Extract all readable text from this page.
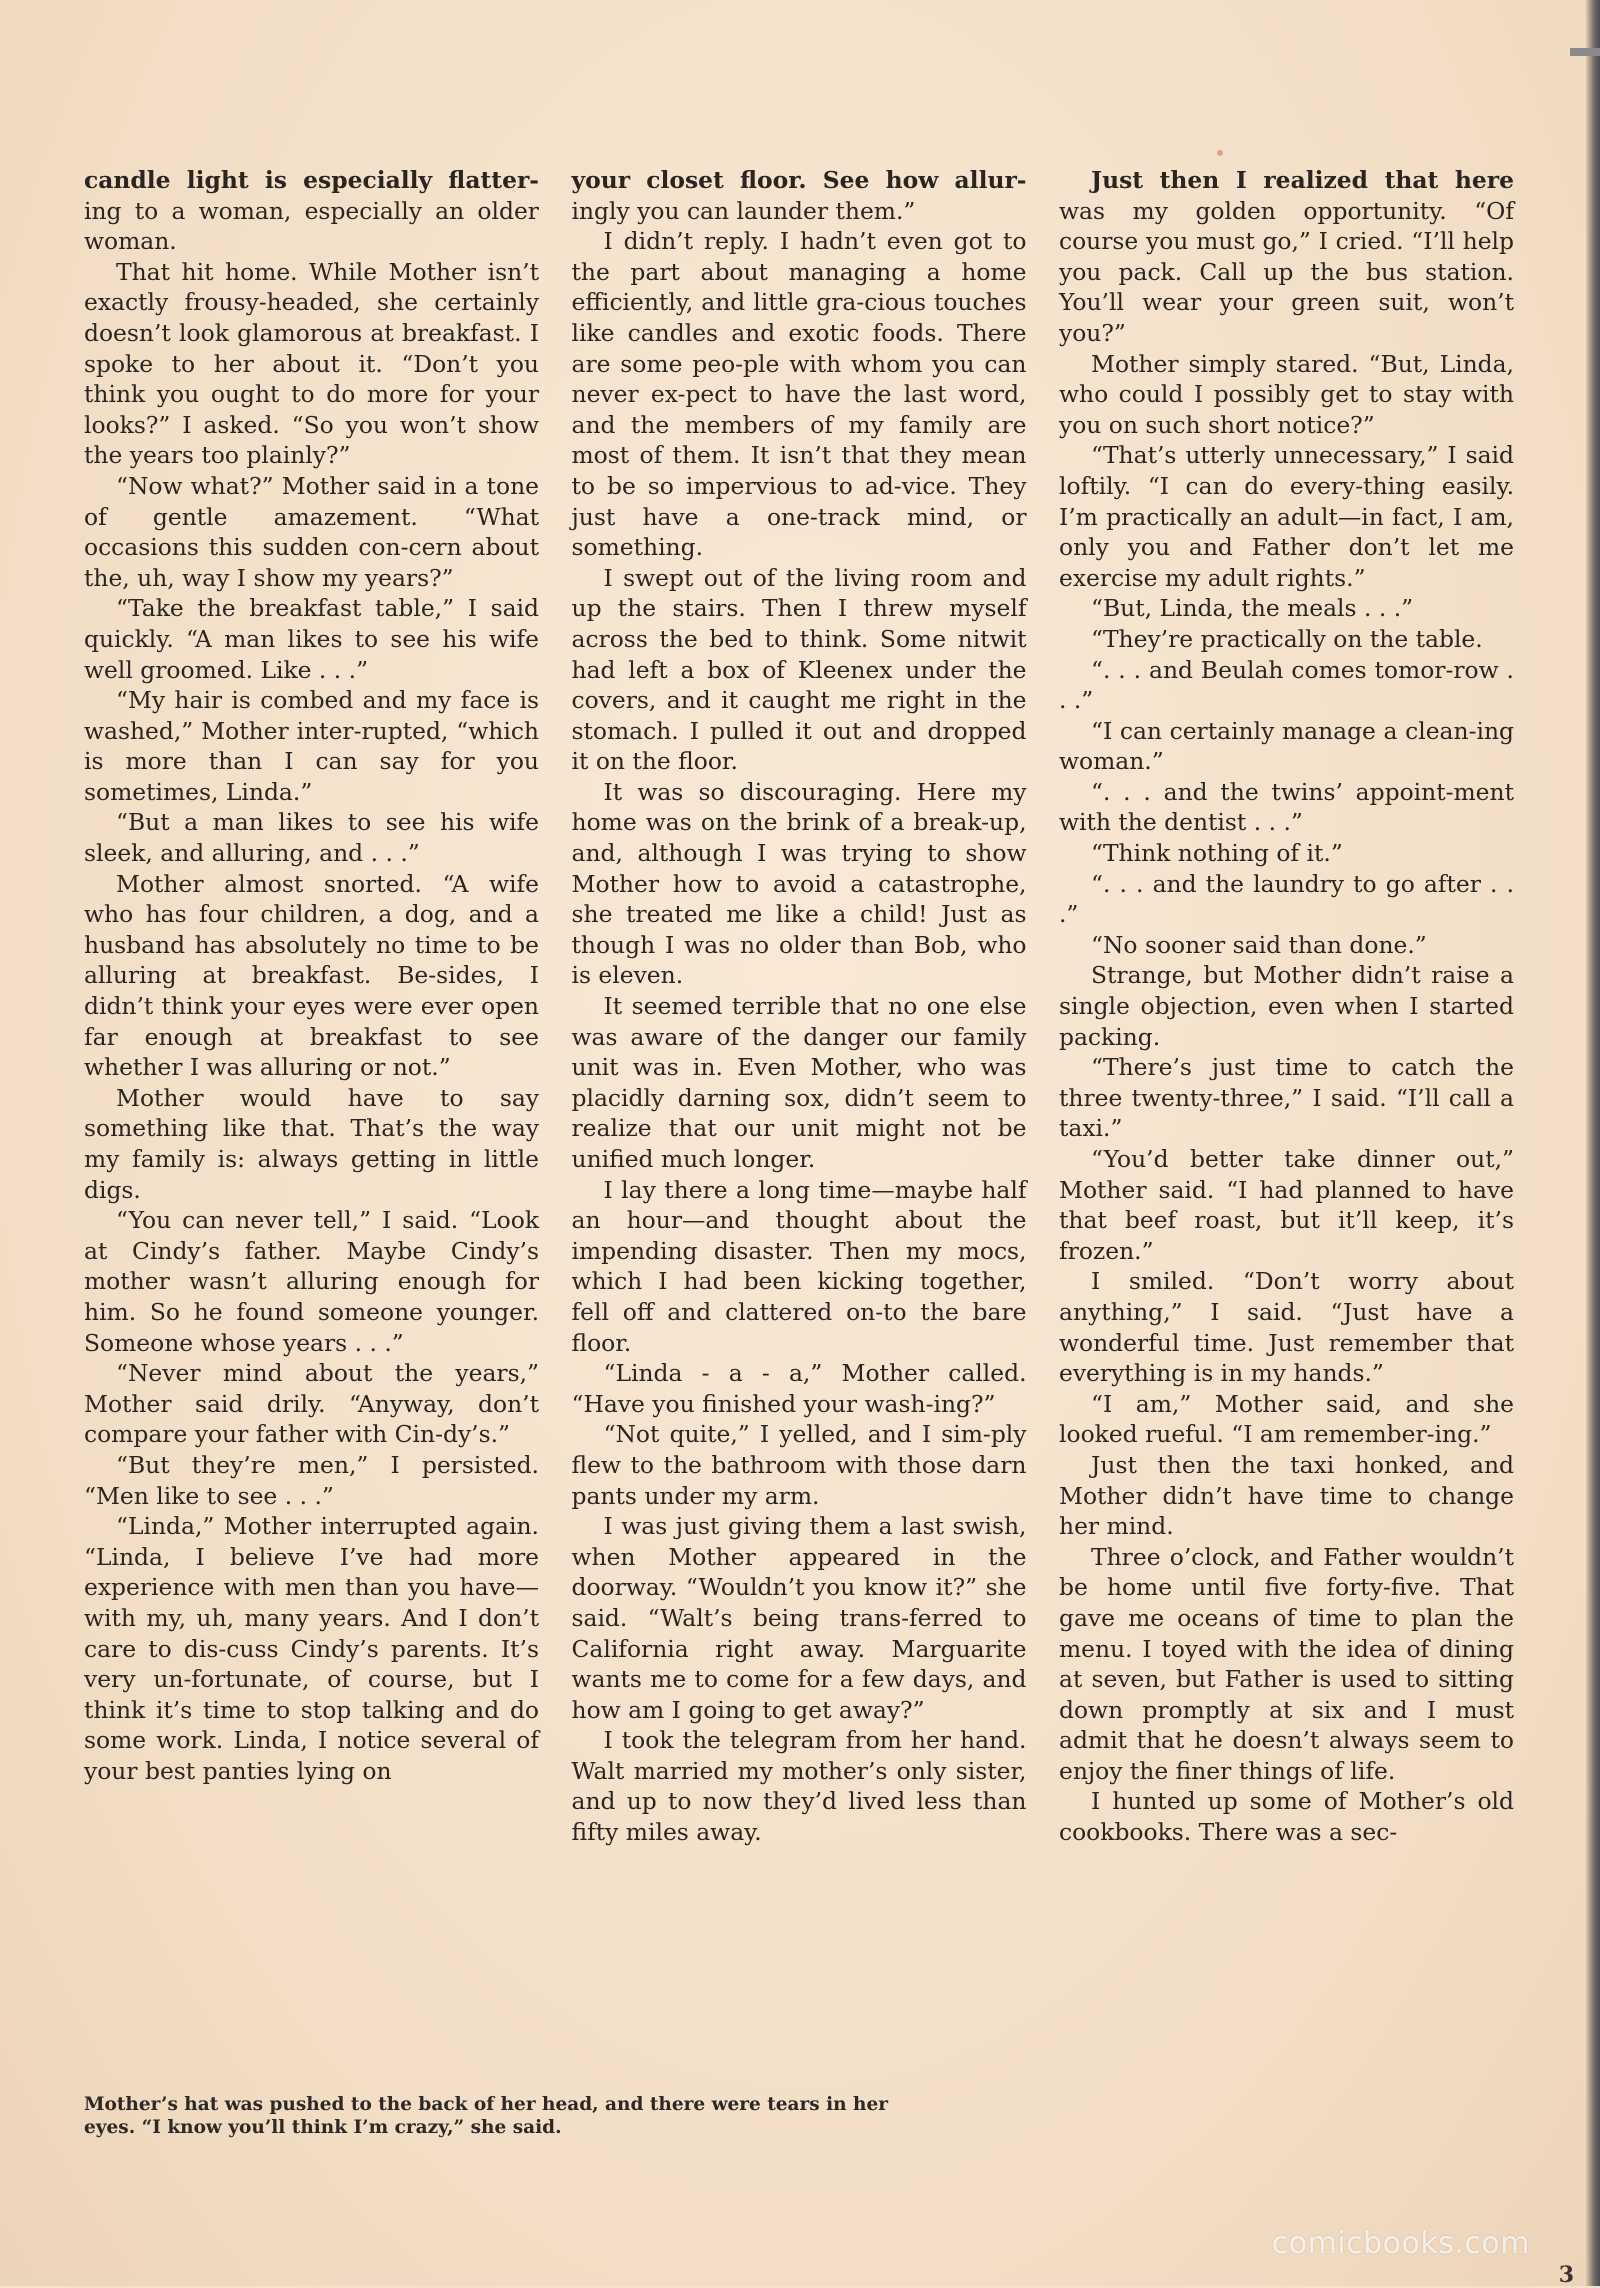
candle light is especially flatter-ing to a woman, especially an older woman.

That hit home. While Mother isn’t exactly frousy-headed, she certainly doesn’t look glamorous at breakfast. I spoke to her about it. “Don’t you think you ought to do more for your looks?” I asked. “So you won’t show the years too plainly?”

“Now what?” Mother said in a tone of gentle amazement. “What occasions this sudden con-cern about the, uh, way I show my years?”

“Take the breakfast table,” I said quickly. “A man likes to see his wife well groomed. Like . . .”

“My hair is combed and my face is washed,” Mother inter-rupted, “which is more than I can say for you sometimes, Linda.”

“But a man likes to see his wife sleek, and alluring, and . . .”

Mother almost snorted. “A wife who has four children, a dog, and a husband has absolutely no time to be alluring at breakfast. Be-sides, I didn’t think your eyes were ever open far enough at breakfast to see whether I was alluring or not.”

Mother would have to say something like that. That’s the way my family is: always getting in little digs.

“You can never tell,” I said. “Look at Cindy’s father. Maybe Cindy’s mother wasn’t alluring enough for him. So he found someone younger. Someone whose years . . .”

“Never mind about the years,” Mother said drily. “Anyway, don’t compare your father with Cin-dy’s.”

“But they’re men,” I persisted. “Men like to see . . .”

“Linda,” Mother interrupted again. “Linda, I believe I’ve had more experience with men than you have—with my, uh, many years. And I don’t care to dis-cuss Cindy’s parents. It’s very un-fortunate, of course, but I think it’s time to stop talking and do some work. Linda, I notice several of your best panties lying on

your closet floor. See how allur-ingly you can launder them.”

I didn’t reply. I hadn’t even got to the part about managing a home efficiently, and little gra-cious touches like candles and exotic foods. There are some peo-ple with whom you can never ex-pect to have the last word, and the members of my family are most of them. It isn’t that they mean to be so impervious to ad-vice. They just have a one-track mind, or something.

I swept out of the living room and up the stairs. Then I threw myself across the bed to think. Some nitwit had left a box of Kleenex under the covers, and it caught me right in the stomach. I pulled it out and dropped it on the floor.

It was so discouraging. Here my home was on the brink of a break-up, and, although I was trying to show Mother how to avoid a catastrophe, she treated me like a child! Just as though I was no older than Bob, who is eleven.

It seemed terrible that no one else was aware of the danger our family unit was in. Even Mother, who was placidly darning sox, didn’t seem to realize that our unit might not be unified much longer.

I lay there a long time—maybe half an hour—and thought about the impending disaster. Then my mocs, which I had been kicking together, fell off and clattered on-to the bare floor.

“Linda - a - a,” Mother called. “Have you finished your wash-ing?”

“Not quite,” I yelled, and I sim-ply flew to the bathroom with those darn pants under my arm.

I was just giving them a last swish, when Mother appeared in the doorway. “Wouldn’t you know it?” she said. “Walt’s being trans-ferred to California right away. Marguarite wants me to come for a few days, and how am I going to get away?”

I took the telegram from her hand. Walt married my mother’s only sister, and up to now they’d lived less than fifty miles away.

Just then I realized that here was my golden opportunity. “Of course you must go,” I cried. “I’ll help you pack. Call up the bus station. You’ll wear your green suit, won’t you?”

Mother simply stared. “But, Linda, who could I possibly get to stay with you on such short notice?”

“That’s utterly unnecessary,” I said loftily. “I can do every-thing easily. I’m practically an adult—in fact, I am, only you and Father don’t let me exercise my adult rights.”

“But, Linda, the meals . . .”

“They’re practically on the table.

“. . . and Beulah comes tomor-row . . .”

“I can certainly manage a clean-ing woman.”

“. . . and the twins’ appoint-ment with the dentist . . .”

“Think nothing of it.”

“. . . and the laundry to go after . . .”

“No sooner said than done.”

Strange, but Mother didn’t raise a single objection, even when I started packing.

“There’s just time to catch the three twenty-three,” I said. “I’ll call a taxi.”

“You’d better take dinner out,” Mother said. “I had planned to have that beef roast, but it’ll keep, it’s frozen.”

I smiled. “Don’t worry about anything,” I said. “Just have a wonderful time. Just remember that everything is in my hands.”

“I am,” Mother said, and she looked rueful. “I am remember-ing.”

Just then the taxi honked, and Mother didn’t have time to change her mind.

Three o’clock, and Father wouldn’t be home until five forty-five. That gave me oceans of time to plan the menu. I toyed with the idea of dining at seven, but Father is used to sitting down promptly at six and I must admit that he doesn’t always seem to enjoy the finer things of life.

I hunted up some of Mother’s old cookbooks. There was a sec-

Mother’s hat was pushed to the back of her head, and there were tears in her eyes. “I know you’ll think I’m crazy,” she said.
comicbooks.com
3
